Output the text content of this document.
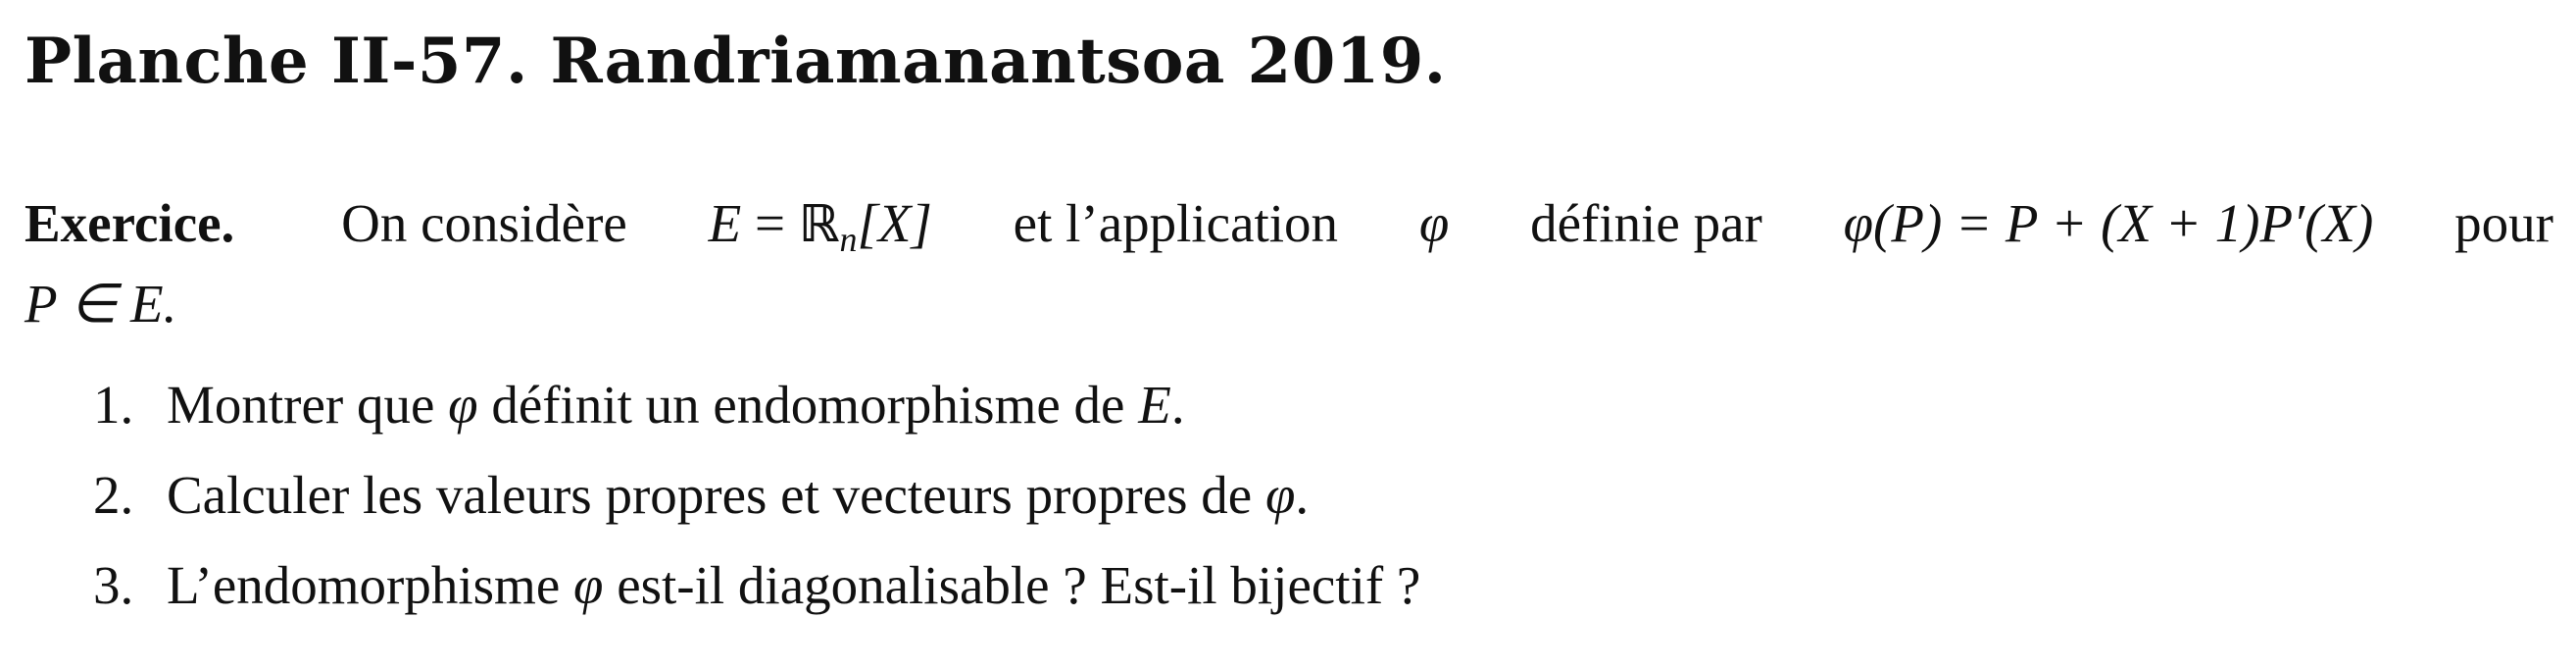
Planche II-57. Randriamanantsoa 2019.
Exercice. On considère E = ℝ$_n$[X] et l’application φ définie par φ(P) = P + (X + 1)P′(X) pour
P ∈ E.
1. Montrer que φ définit un endomorphisme de E.
2. Calculer les valeurs propres et vecteurs propres de φ.
3. L’endomorphisme φ est-il diagonalisable ? Est-il bijectif ?
